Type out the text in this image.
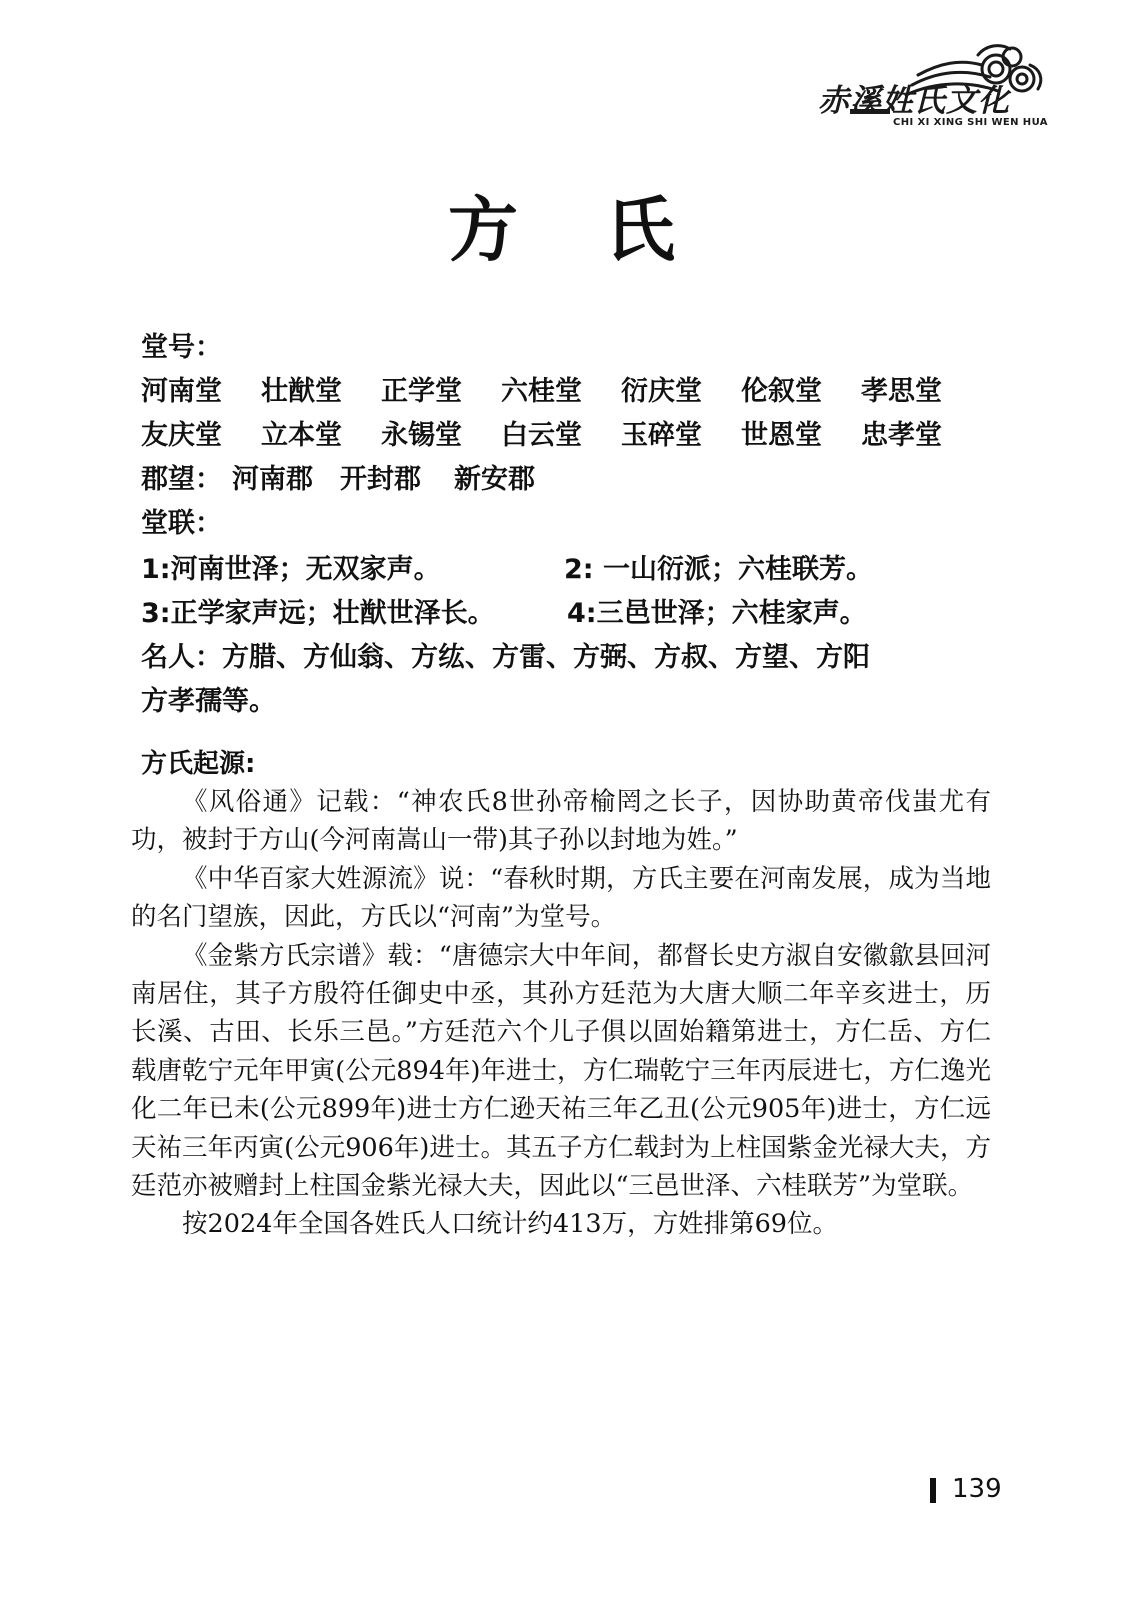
赤溪姓氏文化
CHI XI XING SHI WEN HUA
方 氏
堂号：
河南堂 壮猷堂 正学堂 六桂堂 衍庆堂 伦叙堂 孝思堂
友庆堂 立本堂 永锡堂 白云堂 玉碎堂 世恩堂 忠孝堂
郡望： 河南郡 开封郡 新安郡
堂联：
1:河南世泽；无双家声。	2: 一山衍派；六桂联芳。
3:正学家声远；壮猷世泽长。	4:三邑世泽；六桂家声。
名人：方腊、方仙翁、方纮、方雷、方弼、方叔、方望、方阳
方孝孺等。
方氏起源:

《风俗通》记载：“神农氏8世孙帝榆罔之长子，因协助黄帝伐蚩尤有功，被封于方山(今河南嵩山一带)其子孙以封地为姓。”

《中华百家大姓源流》说：“春秋时期，方氏主要在河南发展，成为当地的名门望族，因此，方氏以“河南”为堂号。

《金紫方氏宗谱》载：“唐德宗大中年间，都督长史方淑自安徽歙县回河南居住，其子方殷符任御史中丞，其孙方廷范为大唐大顺二年辛亥进士，历长溪、古田、长乐三邑。”方廷范六个儿子俱以固始籍第进士，方仁岳、方仁载唐乾宁元年甲寅(公元894年)年进士，方仁瑞乾宁三年丙辰进七，方仁逸光化二年已未(公元899年)进士方仁逊天祐三年乙丑(公元905年)进士，方仁远天祐三年丙寅(公元906年)进士。其五子方仁载封为上柱国紫金光禄大夫，方廷范亦被赠封上柱国金紫光禄大夫，因此以“三邑世泽、六桂联芳”为堂联。

按2024年全国各姓氏人口统计约413万，方姓排第69位。

139
